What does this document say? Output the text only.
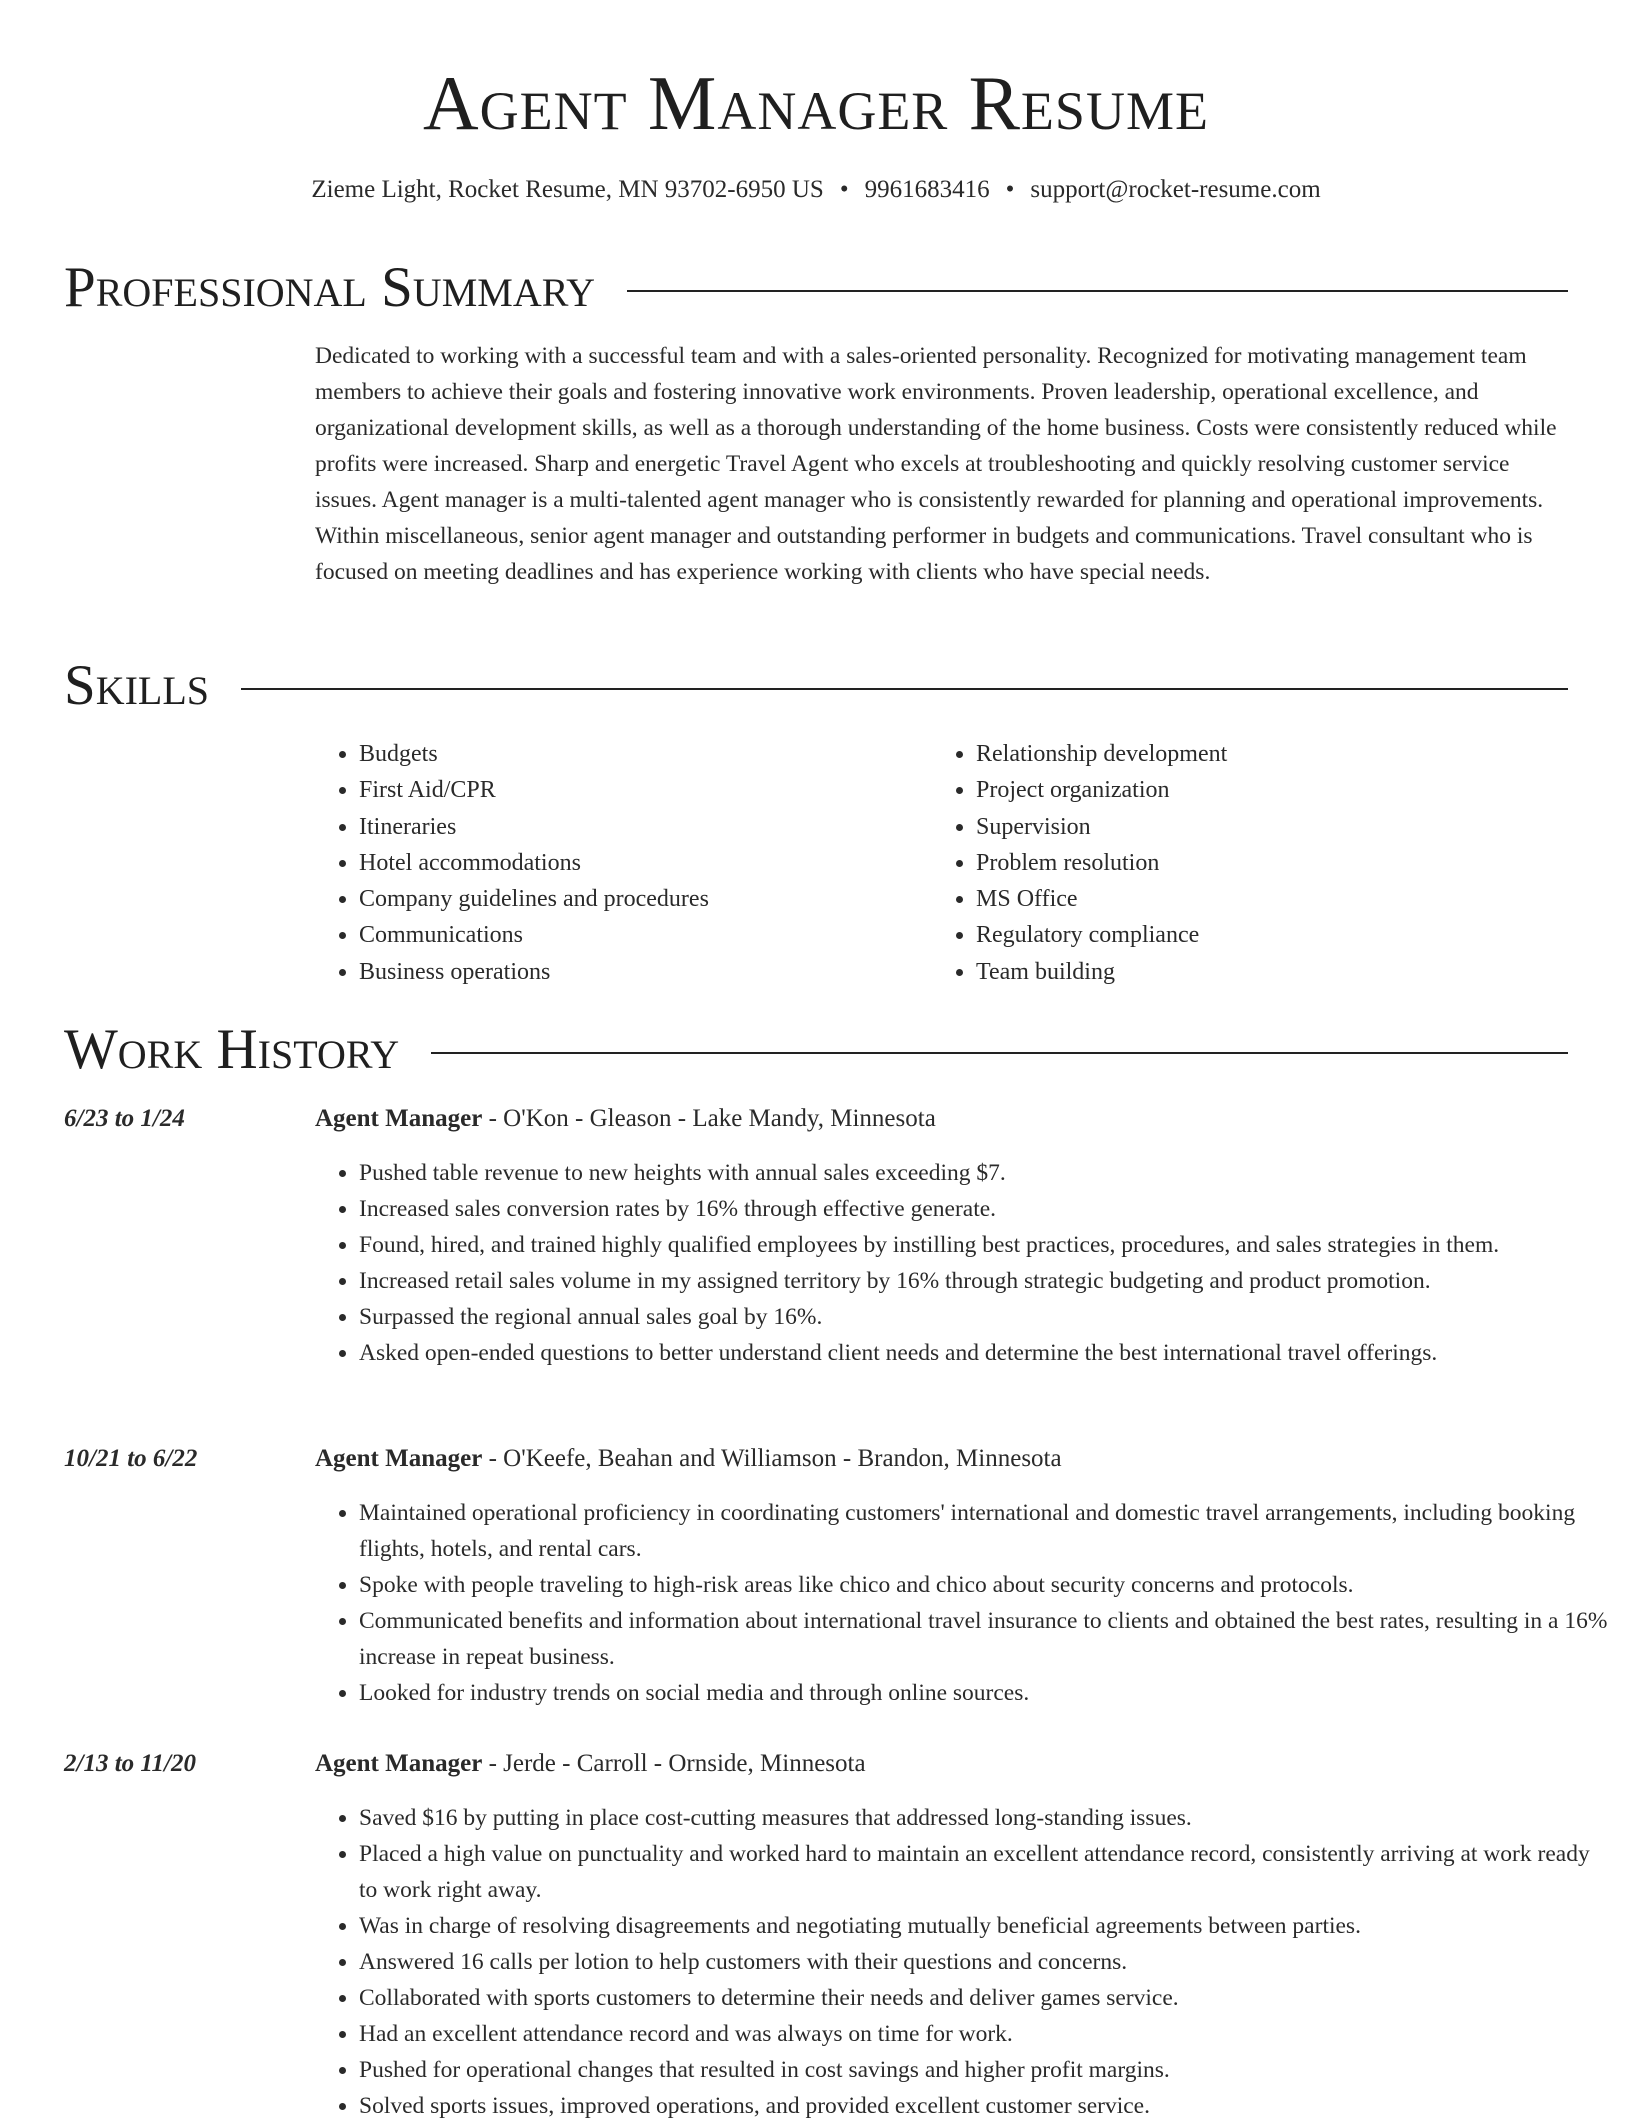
Agent Manager Resume
Zieme Light, Rocket Resume, MN 93702-6950 US • 9961683416 • support@rocket-resume.com
Professional Summary

Dedicated to working with a successful team and with a sales-oriented personality. Recognized for motivating management team members to achieve their goals and fostering innovative work environments. Proven leadership, operational excellence, and organizational development skills, as well as a thorough understanding of the home business. Costs were consistently reduced while profits were increased. Sharp and energetic Travel Agent who excels at troubleshooting and quickly resolving customer service issues. Agent manager is a multi-talented agent manager who is consistently rewarded for planning and operational improvements. Within miscellaneous, senior agent manager and outstanding performer in budgets and communications. Travel consultant who is focused on meeting deadlines and has experience working with clients who have special needs.

Skills
• Budgets
• First Aid/CPR
• Itineraries
• Hotel accommodations
• Company guidelines and procedures
• Communications
• Business operations
• Relationship development
• Project organization
• Supervision
• Problem resolution
• MS Office
• Regulatory compliance
• Team building
Work History
6/23 to 1/24	Agent Manager - O'Kon - Gleason - Lake Mandy, Minnesota
• Pushed table revenue to new heights with annual sales exceeding $7.
• Increased sales conversion rates by 16% through effective generate.
• Found, hired, and trained highly qualified employees by instilling best practices, procedures, and sales strategies in them.
• Increased retail sales volume in my assigned territory by 16% through strategic budgeting and product promotion.
• Surpassed the regional annual sales goal by 16%.
• Asked open-ended questions to better understand client needs and determine the best international travel offerings.
10/21 to 6/22	Agent Manager - O'Keefe, Beahan and Williamson - Brandon, Minnesota
• Maintained operational proficiency in coordinating customers' international and domestic travel arrangements, including booking flights, hotels, and rental cars.
• Spoke with people traveling to high-risk areas like chico and chico about security concerns and protocols.
• Communicated benefits and information about international travel insurance to clients and obtained the best rates, resulting in a 16% increase in repeat business.
• Looked for industry trends on social media and through online sources.
2/13 to 11/20	Agent Manager - Jerde - Carroll - Ornside, Minnesota
• Saved $16 by putting in place cost-cutting measures that addressed long-standing issues.
• Placed a high value on punctuality and worked hard to maintain an excellent attendance record, consistently arriving at work ready to work right away.
• Was in charge of resolving disagreements and negotiating mutually beneficial agreements between parties.
• Answered 16 calls per lotion to help customers with their questions and concerns.
• Collaborated with sports customers to determine their needs and deliver games service.
• Had an excellent attendance record and was always on time for work.
• Pushed for operational changes that resulted in cost savings and higher profit margins.
• Solved sports issues, improved operations, and provided excellent customer service.
